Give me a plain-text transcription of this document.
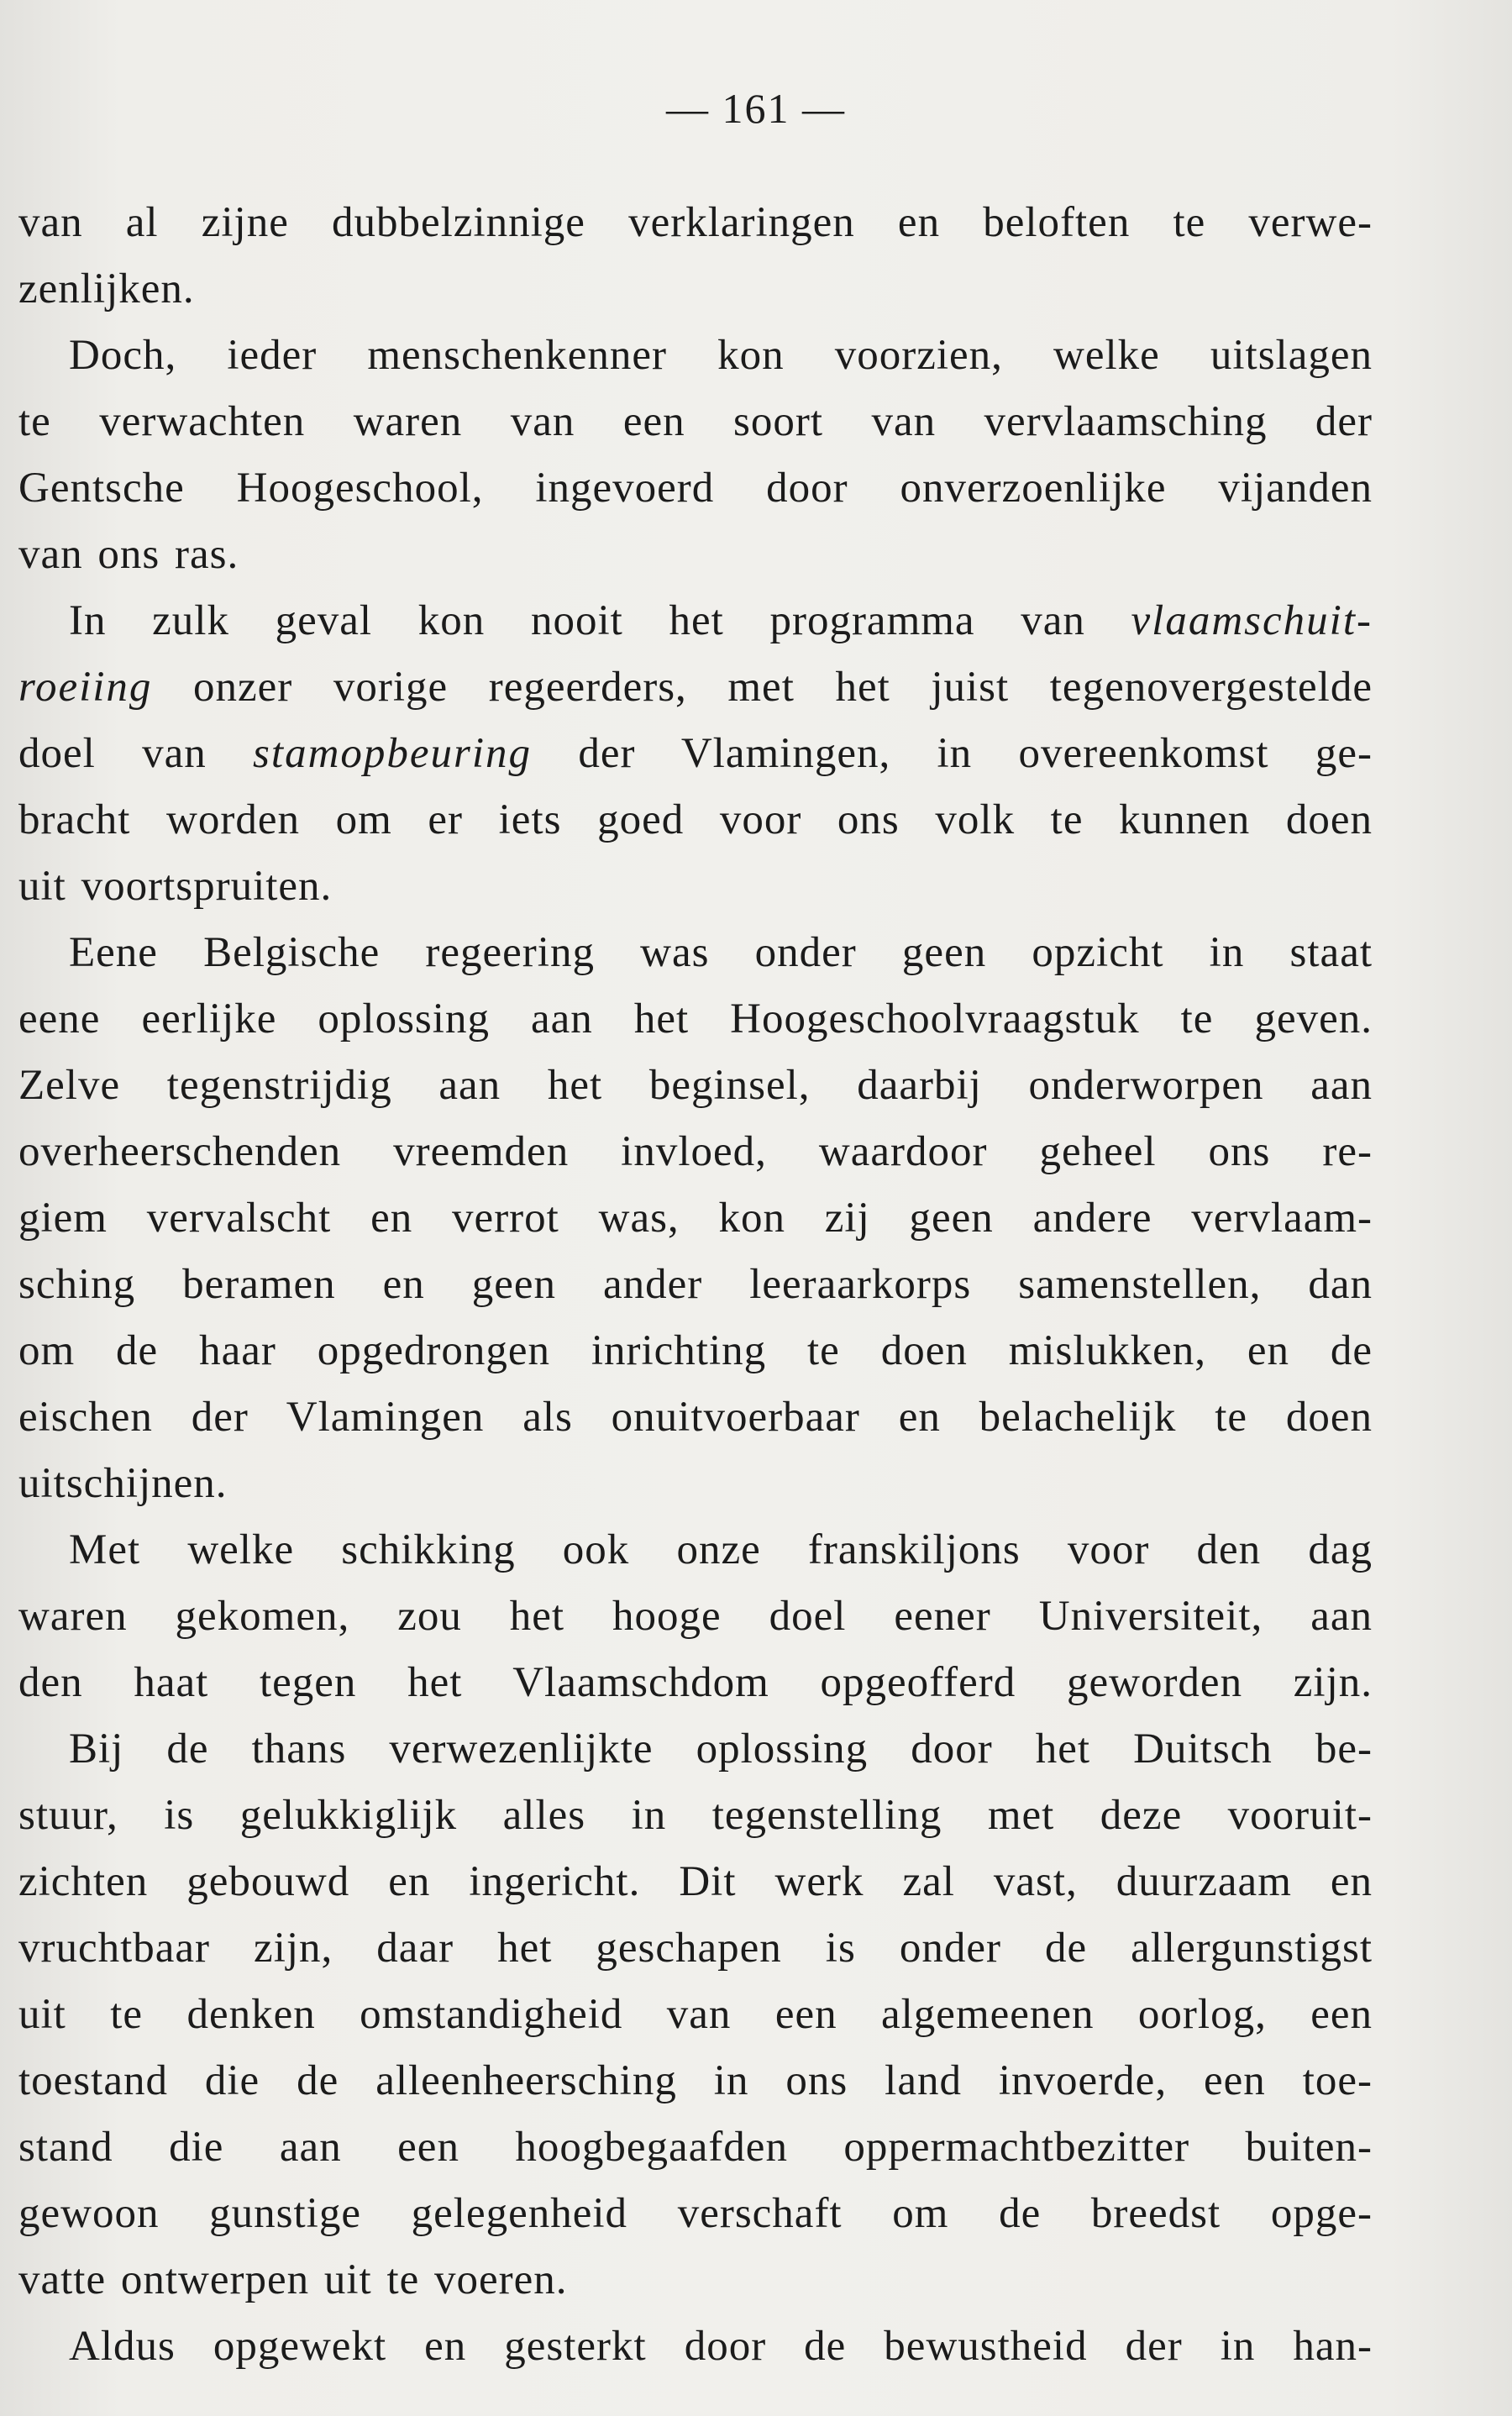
— 161 —
van al zijne dubbelzinnige verklaringen en beloften te verwe-
zenlijken.
Doch, ieder menschenkenner kon voorzien, welke uitslagen
te verwachten waren van een soort van vervlaamsching der
Gentsche Hoogeschool, ingevoerd door onverzoenlijke vijanden
van ons ras.
In zulk geval kon nooit het programma van vlaamschuit-
roeiing onzer vorige regeerders, met het juist tegenovergestelde
doel van stamopbeuring der Vlamingen, in overeenkomst ge-
bracht worden om er iets goed voor ons volk te kunnen doen
uit voortspruiten.
Eene Belgische regeering was onder geen opzicht in staat
eene eerlijke oplossing aan het Hoogeschoolvraagstuk te geven.
Zelve tegenstrijdig aan het beginsel, daarbij onderworpen aan
overheerschenden vreemden invloed, waardoor geheel ons re-
giem vervalscht en verrot was, kon zij geen andere vervlaam-
sching beramen en geen ander leeraarkorps samenstellen, dan
om de haar opgedrongen inrichting te doen mislukken, en de
eischen der Vlamingen als onuitvoerbaar en belachelijk te doen
uitschijnen.
Met welke schikking ook onze franskiljons voor den dag
waren gekomen, zou het hooge doel eener Universiteit, aan
den haat tegen het Vlaamschdom opgeofferd geworden zijn.
Bij de thans verwezenlijkte oplossing door het Duitsch be-
stuur, is gelukkiglijk alles in tegenstelling met deze vooruit-
zichten gebouwd en ingericht. Dit werk zal vast, duurzaam en
vruchtbaar zijn, daar het geschapen is onder de allergunstigst
uit te denken omstandigheid van een algemeenen oorlog, een
toestand die de alleenheersching in ons land invoerde, een toe-
stand die aan een hoogbegaafden oppermachtbezitter buiten-
gewoon gunstige gelegenheid verschaft om de breedst opge-
vatte ontwerpen uit te voeren.
Aldus opgewekt en gesterkt door de bewustheid der in han-
